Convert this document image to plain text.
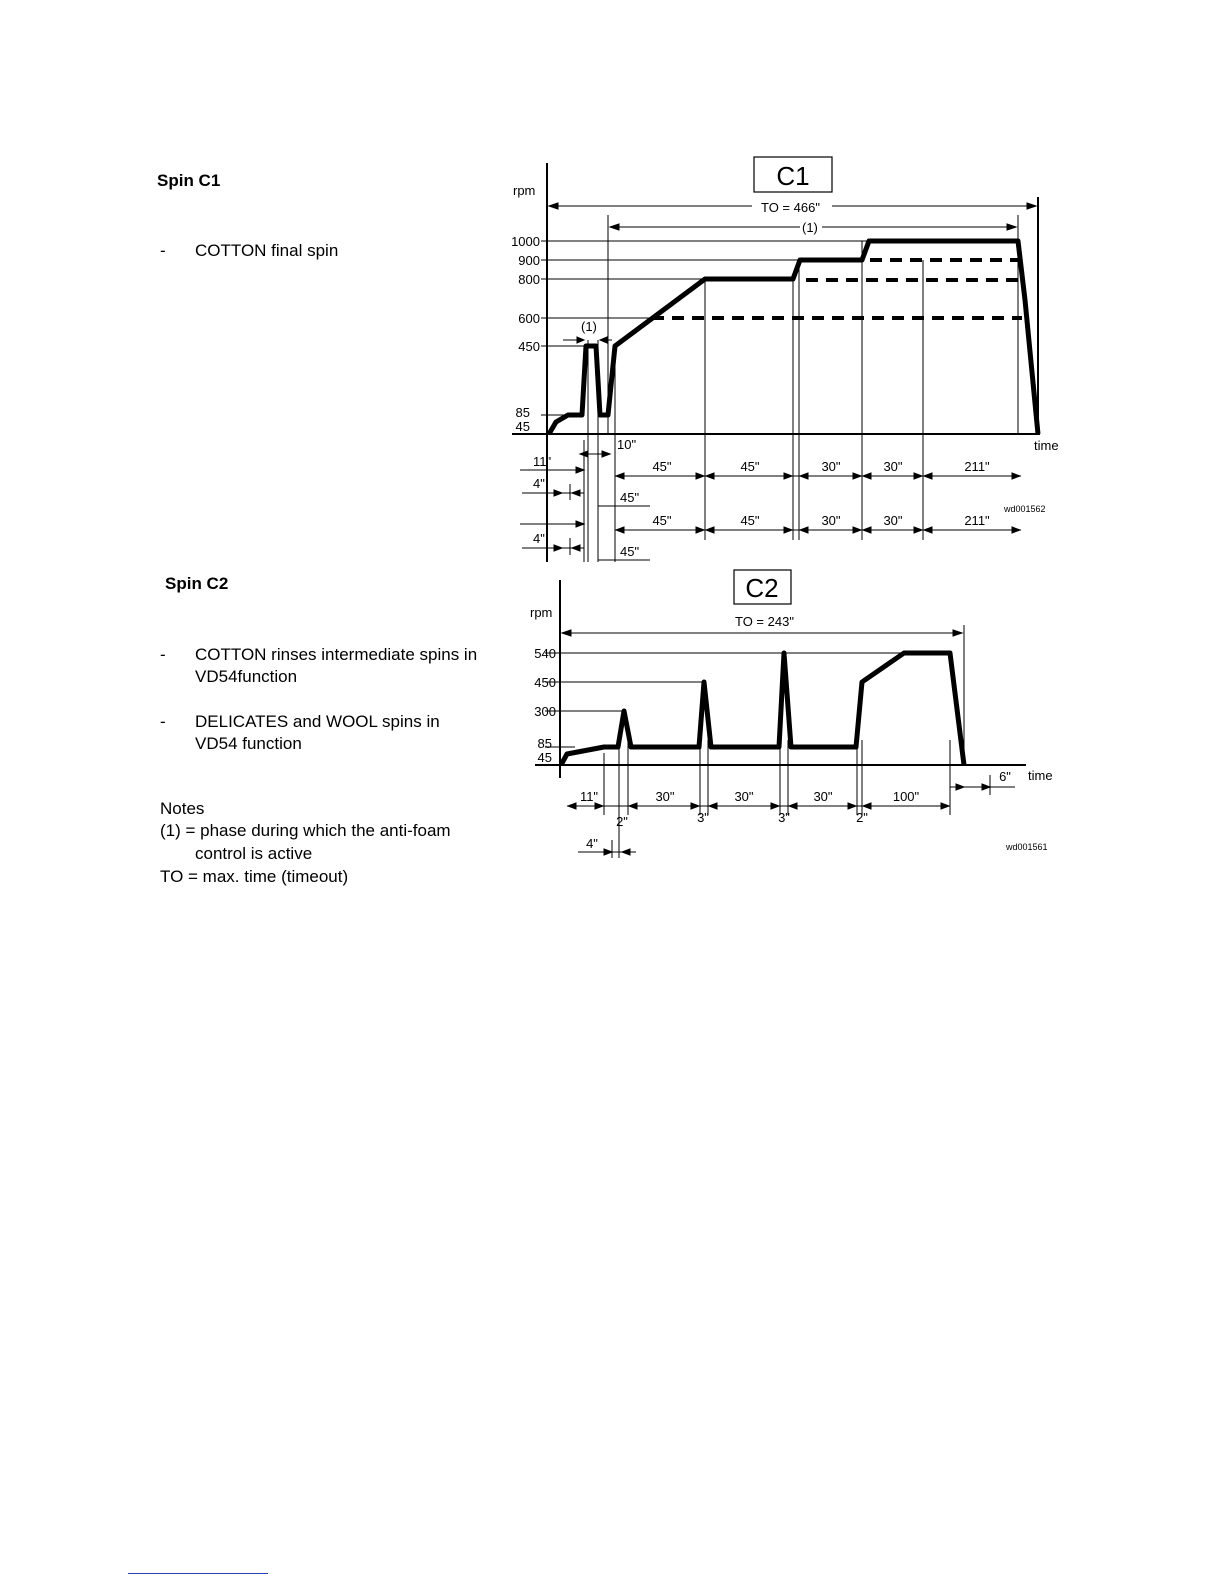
Spin C1
- COTTON final spin
Spin C2
- COTTON rinses intermediate spins in
VD54function
- DELICATES and WOOL spins in
VD54 function
Notes
(1) = phase during which the anti-foam
control is active
TO = max. time (timeout)
rpm
time
TO = 466"
(1)
(1)
wd001562
C1
1000
900
800
600
450
85
45
45"	45"	30"	30"	211"
45"	45"	30"	30"	211"
11"
4"
10"
45"
4"
45"
rpm
time
TO = 243"
wd001561
C2
540
450
300
85
45
11"	30"	30"	30"	100"
6"
2"	3"	3"	2"
4"
